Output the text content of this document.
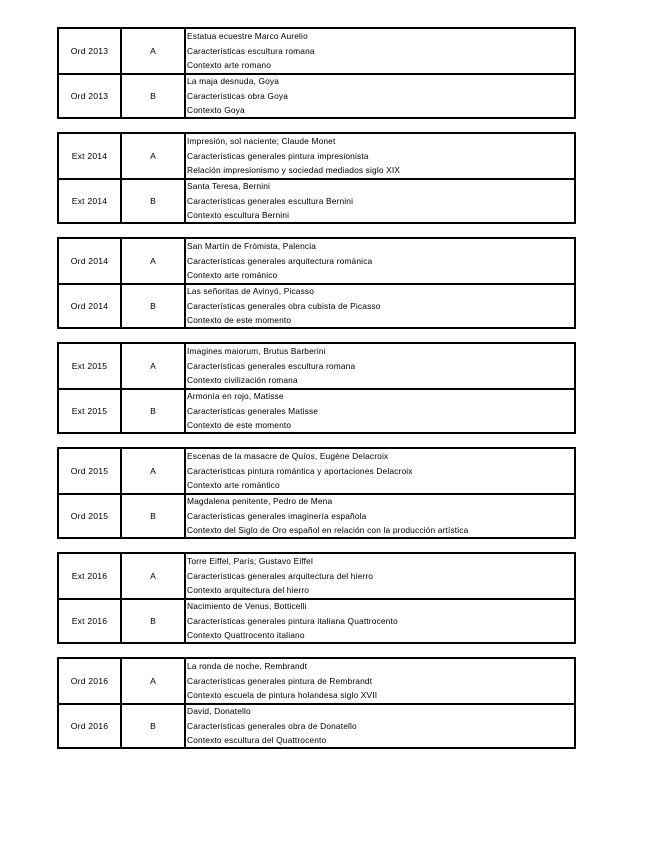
Ord 2013	A
Estatua ecuestre Marco Aurelio
Características escultura romana
Contexto arte romano
Ord 2013	B
La maja desnuda, Goya
Características obra Goya
Contexto Goya
Ext 2014	A
Impresión, sol naciente; Claude Monet
Características generales pintura impresionista
Relación impresionismo y sociedad mediados siglo XIX
Ext 2014	B
Santa Teresa, Bernini
Características generales escultura Bernini
Contexto escultura Bernini
Ord 2014	A
San Martín de Frómista, Palencia
Características generales arquitectura románica
Contexto arte románico
Ord 2014	B
Las señoritas de Avinyó, Picasso
Características generales obra cubista de Picasso
Contexto de este momento
Ext 2015	A
Imagines maiorum, Brutus Barberini
Características generales escultura romana
Contexto civilización romana
Ext 2015	B
Armonía en rojo, Matisse
Características generales Matisse
Contexto de este momento
Ord 2015	A
Escenas de la masacre de Quíos, Eugène Delacroix
Características pintura romántica y aportaciones Delacroix
Contexto arte romántico
Ord 2015	B
Magdalena penitente, Pedro de Mena
Características generales imaginería española
Contexto del Siglo de Oro español en relación con la producción artística
Ext 2016	A
Torre Eiffel, París; Gustavo Eiffel
Características generales arquitectura del hierro
Contexto arquitectura del hierro
Ext 2016	B
Nacimiento de Venus, Botticelli
Características generales pintura italiana Quattrocento
Contexto Quattrocento italiano
Ord 2016	A
La ronda de noche, Rembrandt
Características generales pintura de Rembrandt
Contexto escuela de pintura holandesa siglo XVII
Ord 2016	B
David, Donatello
Características generales obra de Donatello
Contexto escultura del Quattrocento
